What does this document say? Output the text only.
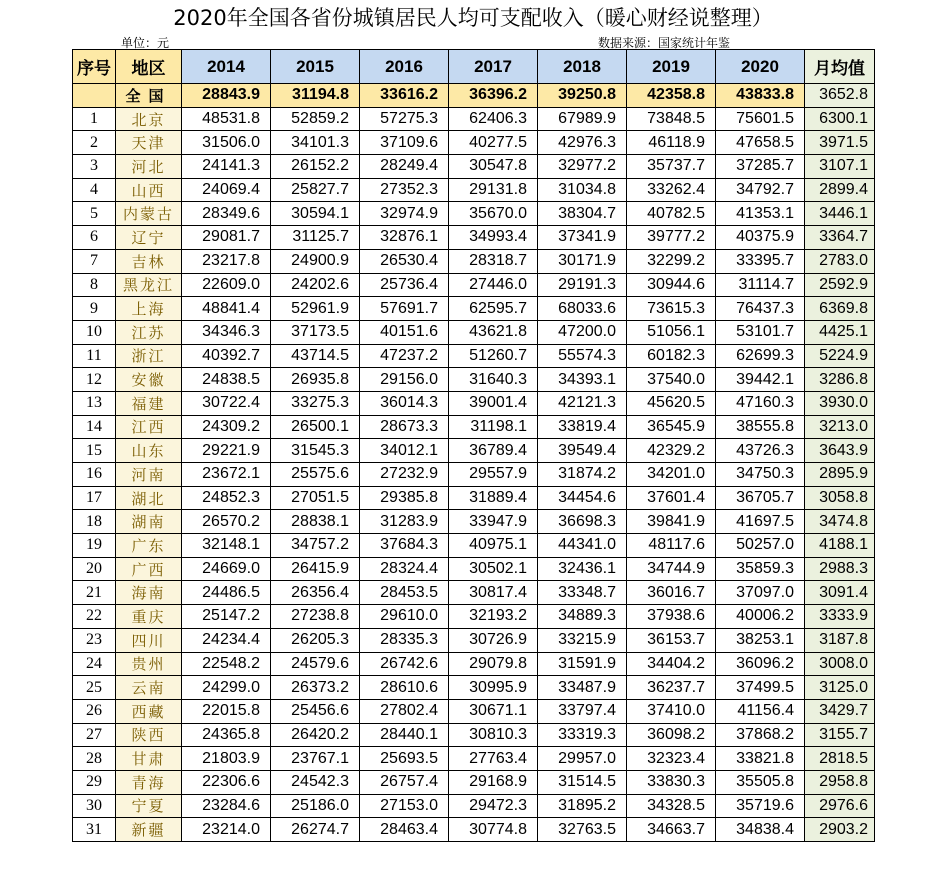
2020年全国各省份城镇居民人均可支配收入（暖心财经说整理）
单位：元	数据来源：国家统计年鉴
序号	地区	2014	2015	2016	2017	2018	2019	2020	月均值
	全国	28843.9	31194.8	33616.2	36396.2	39250.8	42358.8	43833.8	3652.8
1	北京	48531.8	52859.2	57275.3	62406.3	67989.9	73848.5	75601.5	6300.1
2	天津	31506.0	34101.3	37109.6	40277.5	42976.3	46118.9	47658.5	3971.5
3	河北	24141.3	26152.2	28249.4	30547.8	32977.2	35737.7	37285.7	3107.1
4	山西	24069.4	25827.7	27352.3	29131.8	31034.8	33262.4	34792.7	2899.4
5	内蒙古	28349.6	30594.1	32974.9	35670.0	38304.7	40782.5	41353.1	3446.1
6	辽宁	29081.7	31125.7	32876.1	34993.4	37341.9	39777.2	40375.9	3364.7
7	吉林	23217.8	24900.9	26530.4	28318.7	30171.9	32299.2	33395.7	2783.0
8	黑龙江	22609.0	24202.6	25736.4	27446.0	29191.3	30944.6	31114.7	2592.9
9	上海	48841.4	52961.9	57691.7	62595.7	68033.6	73615.3	76437.3	6369.8
10	江苏	34346.3	37173.5	40151.6	43621.8	47200.0	51056.1	53101.7	4425.1
11	浙江	40392.7	43714.5	47237.2	51260.7	55574.3	60182.3	62699.3	5224.9
12	安徽	24838.5	26935.8	29156.0	31640.3	34393.1	37540.0	39442.1	3286.8
13	福建	30722.4	33275.3	36014.3	39001.4	42121.3	45620.5	47160.3	3930.0
14	江西	24309.2	26500.1	28673.3	31198.1	33819.4	36545.9	38555.8	3213.0
15	山东	29221.9	31545.3	34012.1	36789.4	39549.4	42329.2	43726.3	3643.9
16	河南	23672.1	25575.6	27232.9	29557.9	31874.2	34201.0	34750.3	2895.9
17	湖北	24852.3	27051.5	29385.8	31889.4	34454.6	37601.4	36705.7	3058.8
18	湖南	26570.2	28838.1	31283.9	33947.9	36698.3	39841.9	41697.5	3474.8
19	广东	32148.1	34757.2	37684.3	40975.1	44341.0	48117.6	50257.0	4188.1
20	广西	24669.0	26415.9	28324.4	30502.1	32436.1	34744.9	35859.3	2988.3
21	海南	24486.5	26356.4	28453.5	30817.4	33348.7	36016.7	37097.0	3091.4
22	重庆	25147.2	27238.8	29610.0	32193.2	34889.3	37938.6	40006.2	3333.9
23	四川	24234.4	26205.3	28335.3	30726.9	33215.9	36153.7	38253.1	3187.8
24	贵州	22548.2	24579.6	26742.6	29079.8	31591.9	34404.2	36096.2	3008.0
25	云南	24299.0	26373.2	28610.6	30995.9	33487.9	36237.7	37499.5	3125.0
26	西藏	22015.8	25456.6	27802.4	30671.1	33797.4	37410.0	41156.4	3429.7
27	陕西	24365.8	26420.2	28440.1	30810.3	33319.3	36098.2	37868.2	3155.7
28	甘肃	21803.9	23767.1	25693.5	27763.4	29957.0	32323.4	33821.8	2818.5
29	青海	22306.6	24542.3	26757.4	29168.9	31514.5	33830.3	35505.8	2958.8
30	宁夏	23284.6	25186.0	27153.0	29472.3	31895.2	34328.5	35719.6	2976.6
31	新疆	23214.0	26274.7	28463.4	30774.8	32763.5	34663.7	34838.4	2903.2
